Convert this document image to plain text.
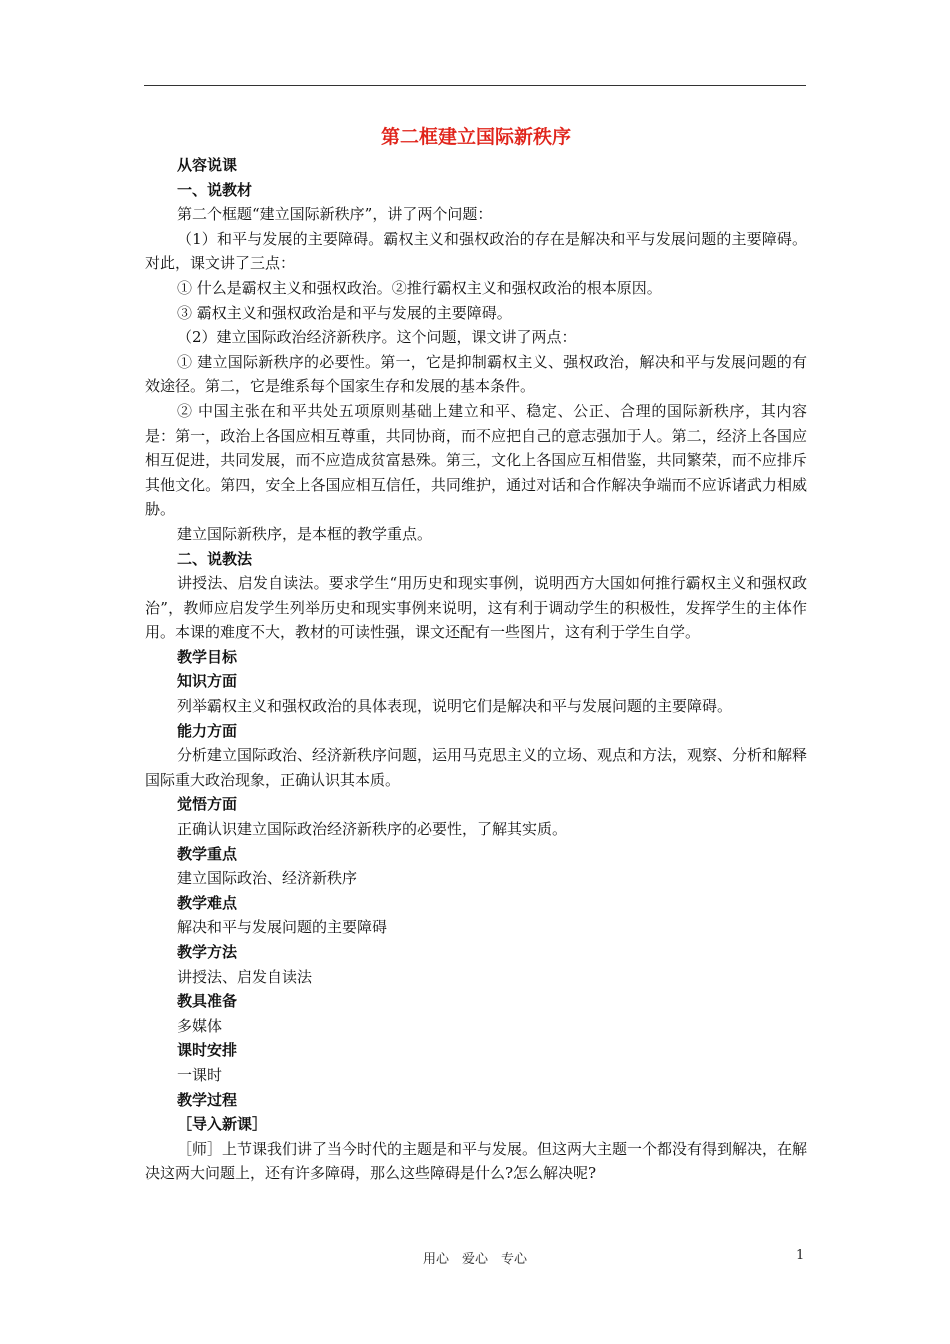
第二框建立国际新秩序

从容说课

一、说教材

第二个框题“建立国际新秩序”，讲了两个问题：

（1）和平与发展的主要障碍。霸权主义和强权政治的存在是解决和平与发展问题的主要障碍。对此，课文讲了三点：

① 什么是霸权主义和强权政治。②推行霸权主义和强权政治的根本原因。

③ 霸权主义和强权政治是和平与发展的主要障碍。

（2）建立国际政治经济新秩序。这个问题，课文讲了两点：

① 建立国际新秩序的必要性。第一，它是抑制霸权主义、强权政治，解决和平与发展问题的有效途径。第二，它是维系每个国家生存和发展的基本条件。

② 中国主张在和平共处五项原则基础上建立和平、稳定、公正、合理的国际新秩序，其内容是：第一，政治上各国应相互尊重，共同协商，而不应把自己的意志强加于人。第二，经济上各国应相互促进，共同发展，而不应造成贫富悬殊。第三，文化上各国应互相借鉴，共同繁荣，而不应排斥其他文化。第四，安全上各国应相互信任，共同维护，通过对话和合作解决争端而不应诉诸武力相威胁。

建立国际新秩序，是本框的教学重点。

二、说教法

讲授法、启发自读法。要求学生“用历史和现实事例，说明西方大国如何推行霸权主义和强权政治”，教师应启发学生列举历史和现实事例来说明，这有利于调动学生的积极性，发挥学生的主体作用。本课的难度不大，教材的可读性强，课文还配有一些图片，这有利于学生自学。

教学目标

知识方面

列举霸权主义和强权政治的具体表现，说明它们是解决和平与发展问题的主要障碍。

能力方面

分析建立国际政治、经济新秩序问题，运用马克思主义的立场、观点和方法，观察、分析和解释国际重大政治现象，正确认识其本质。

觉悟方面

正确认识建立国际政治经济新秩序的必要性，了解其实质。

教学重点

建立国际政治、经济新秩序

教学难点

解决和平与发展问题的主要障碍

教学方法

讲授法、启发自读法

教具准备

多媒体

课时安排

一课时

教学过程

［导入新课］

［师］上节课我们讲了当今时代的主题是和平与发展。但这两大主题一个都没有得到解决，在解决这两大问题上，还有许多障碍，那么这些障碍是什么?怎么解决呢?

用心　爱心　专心	1
